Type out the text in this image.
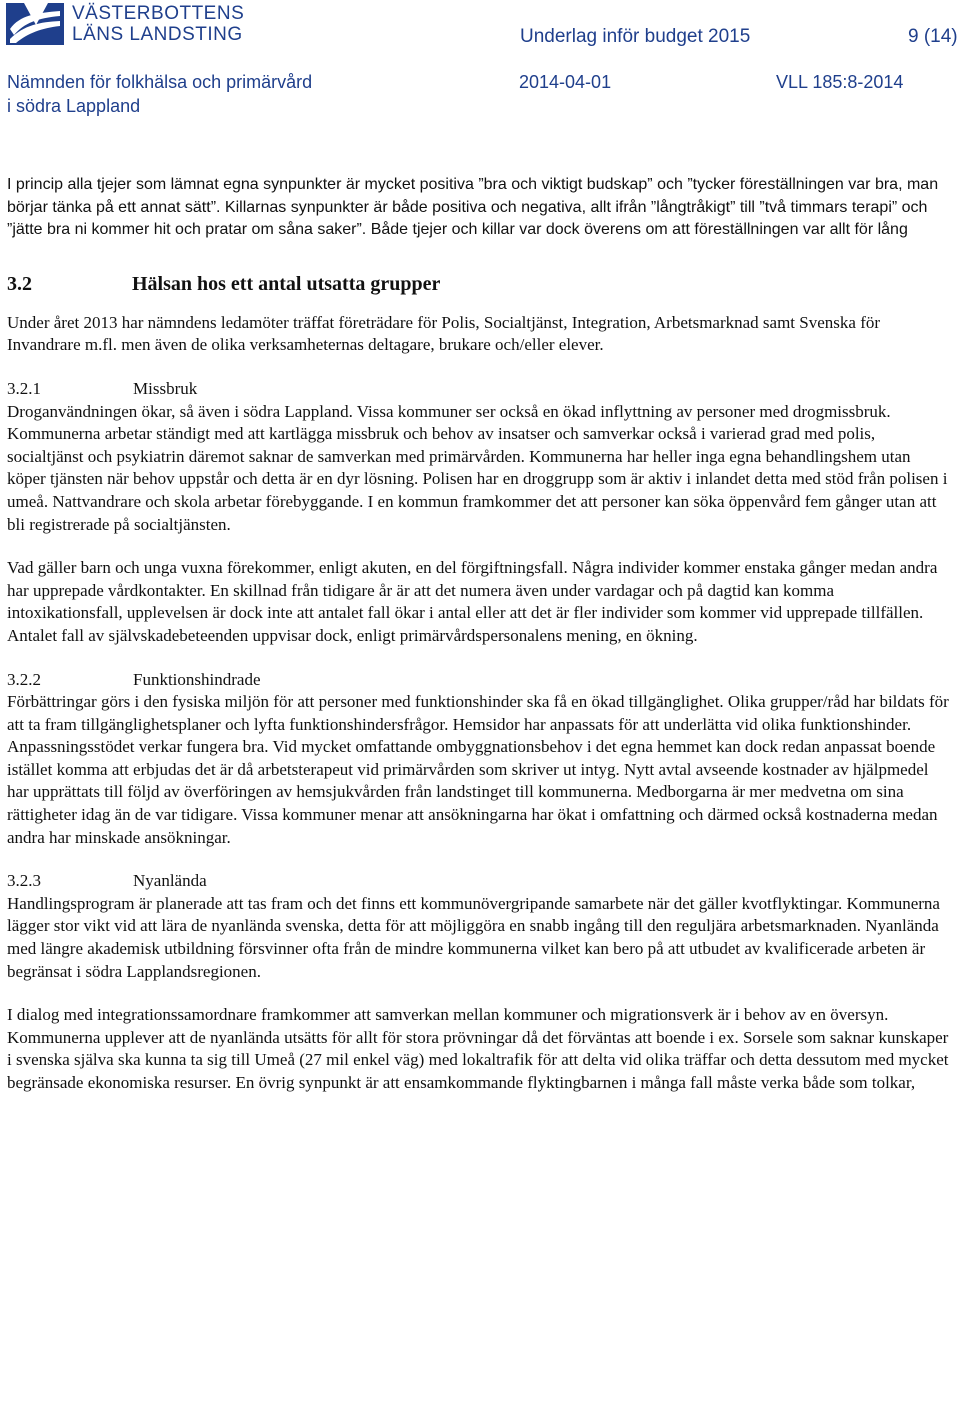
VÄSTERBOTTENS
LÄNS LANDSTING	Underlag inför budget 2015	9 (14)
Nämnden för folkhälsa och primärvård
i södra Lappland
2014-04-01	VLL 185:8-2014

I princip alla tjejer som lämnat egna synpunkter är mycket positiva ”bra och viktigt budskap” och ”tycker föreställningen var bra, man börjar tänka på ett annat sätt”. Killarnas synpunkter är både positiva och negativa, allt ifrån ”långtråkigt” till ”två timmars terapi” och ”jätte bra ni kommer hit och pratar om såna saker”. Både tjejer och killar var dock överens om att föreställningen var allt för lång

3.2	Hälsan hos ett antal utsatta grupper

Under året 2013 har nämndens ledamöter träffat företrädare för Polis, Socialtjänst, Integration, Arbetsmarknad samt Svenska för Invandrare m.fl. men även de olika verksamheternas deltagare, brukare och/eller elever.

3.2.1	Missbruk

Droganvändningen ökar, så även i södra Lappland. Vissa kommuner ser också en ökad inflyttning av personer med drogmissbruk. Kommunerna arbetar ständigt med att kartlägga missbruk och behov av insatser och samverkar också i varierad grad med polis, socialtjänst och psykiatrin däremot saknar de samverkan med primärvården. Kommunerna har heller inga egna behandlingshem utan köper tjänsten när behov uppstår och detta är en dyr lösning. Polisen har en droggrupp som är aktiv i inlandet detta med stöd från polisen i umeå. Nattvandrare och skola arbetar förebyggande. I en kommun framkommer det att personer kan söka öppenvård fem gånger utan att bli registrerade på socialtjänsten.

Vad gäller barn och unga vuxna förekommer, enligt akuten, en del förgiftningsfall. Några individer kommer enstaka gånger medan andra har upprepade vårdkontakter. En skillnad från tidigare år är att det numera även under vardagar och på dagtid kan komma intoxikationsfall, upplevelsen är dock inte att antalet fall ökar i antal eller att det är fler individer som kommer vid upprepade tillfällen. Antalet fall av självskadebeteenden uppvisar dock, enligt primärvårdspersonalens mening, en ökning.

3.2.2	Funktionshindrade

Förbättringar görs i den fysiska miljön för att personer med funktionshinder ska få en ökad tillgänglighet. Olika grupper/råd har bildats för att ta fram tillgänglighetsplaner och lyfta funktionshindersfrågor. Hemsidor har anpassats för att underlätta vid olika funktionshinder. Anpassningsstödet verkar fungera bra. Vid mycket omfattande ombyggnationsbehov i det egna hemmet kan dock redan anpassat boende istället komma att erbjudas det är då arbetsterapeut vid primärvården som skriver ut intyg. Nytt avtal avseende kostnader av hjälpmedel har upprättats till följd av överföringen av hemsjukvården från landstinget till kommunerna. Medborgarna är mer medvetna om sina rättigheter idag än de var tidigare. Vissa kommuner menar att ansökningarna har ökat i omfattning och därmed också kostnaderna medan andra har minskade ansökningar.

3.2.3	Nyanlända

Handlingsprogram är planerade att tas fram och det finns ett kommunövergripande samarbete när det gäller kvotflyktingar. Kommunerna lägger stor vikt vid att lära de nyanlända svenska, detta för att möjliggöra en snabb ingång till den reguljära arbetsmarknaden. Nyanlända med längre akademisk utbildning försvinner ofta från de mindre kommunerna vilket kan bero på att utbudet av kvalificerade arbeten är begränsat i södra Lapplandsregionen.

I dialog med integrationssamordnare framkommer att samverkan mellan kommuner och migrationsverk är i behov av en översyn. Kommunerna upplever att de nyanlända utsätts för allt för stora prövningar då det förväntas att boende i ex. Sorsele som saknar kunskaper i svenska själva ska kunna ta sig till Umeå (27 mil enkel väg) med lokaltrafik för att delta vid olika träffar och detta dessutom med mycket begränsade ekonomiska resurser. En övrig synpunkt är att ensamkommande flyktingbarnen i många fall måste verka både som tolkar,
